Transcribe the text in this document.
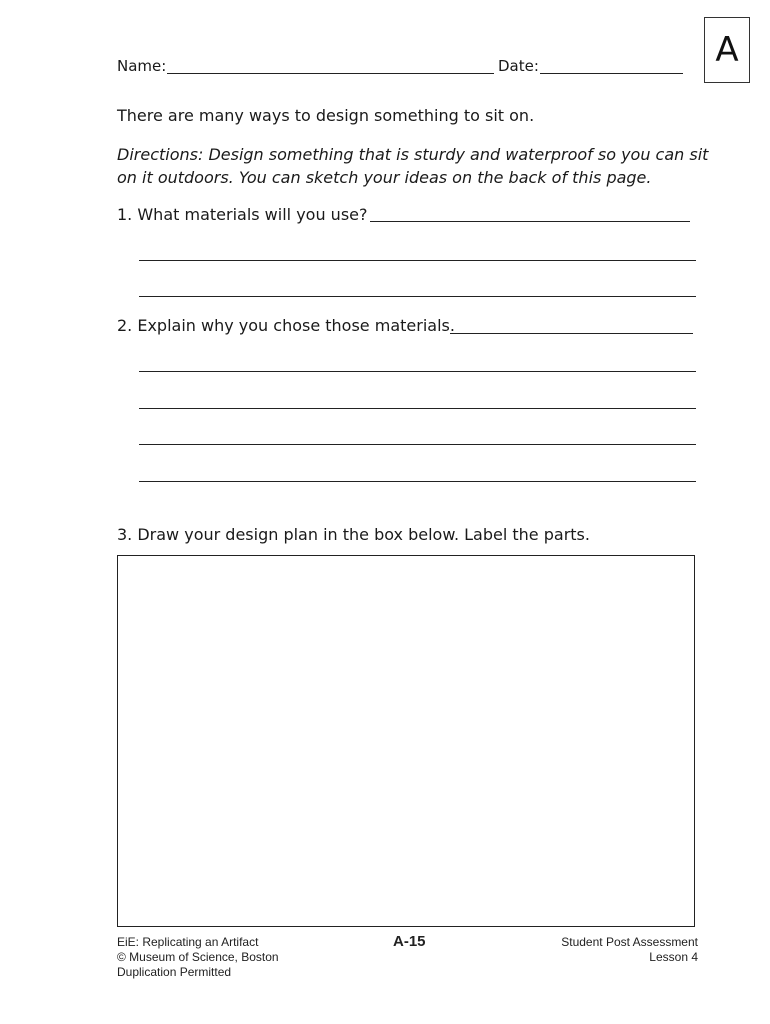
Name:	Date:	A
There are many ways to design something to sit on.
Directions: Design something that is sturdy and waterproof so you can sit
on it outdoors. You can sketch your ideas on the back of this page.
1. What materials will you use?
2. Explain why you chose those materials.
3. Draw your design plan in the box below. Label the parts.
EiE: Replicating an Artifact
© Museum of Science, Boston
Duplication Permitted
A-15	Student Post Assessment
Lesson 4
